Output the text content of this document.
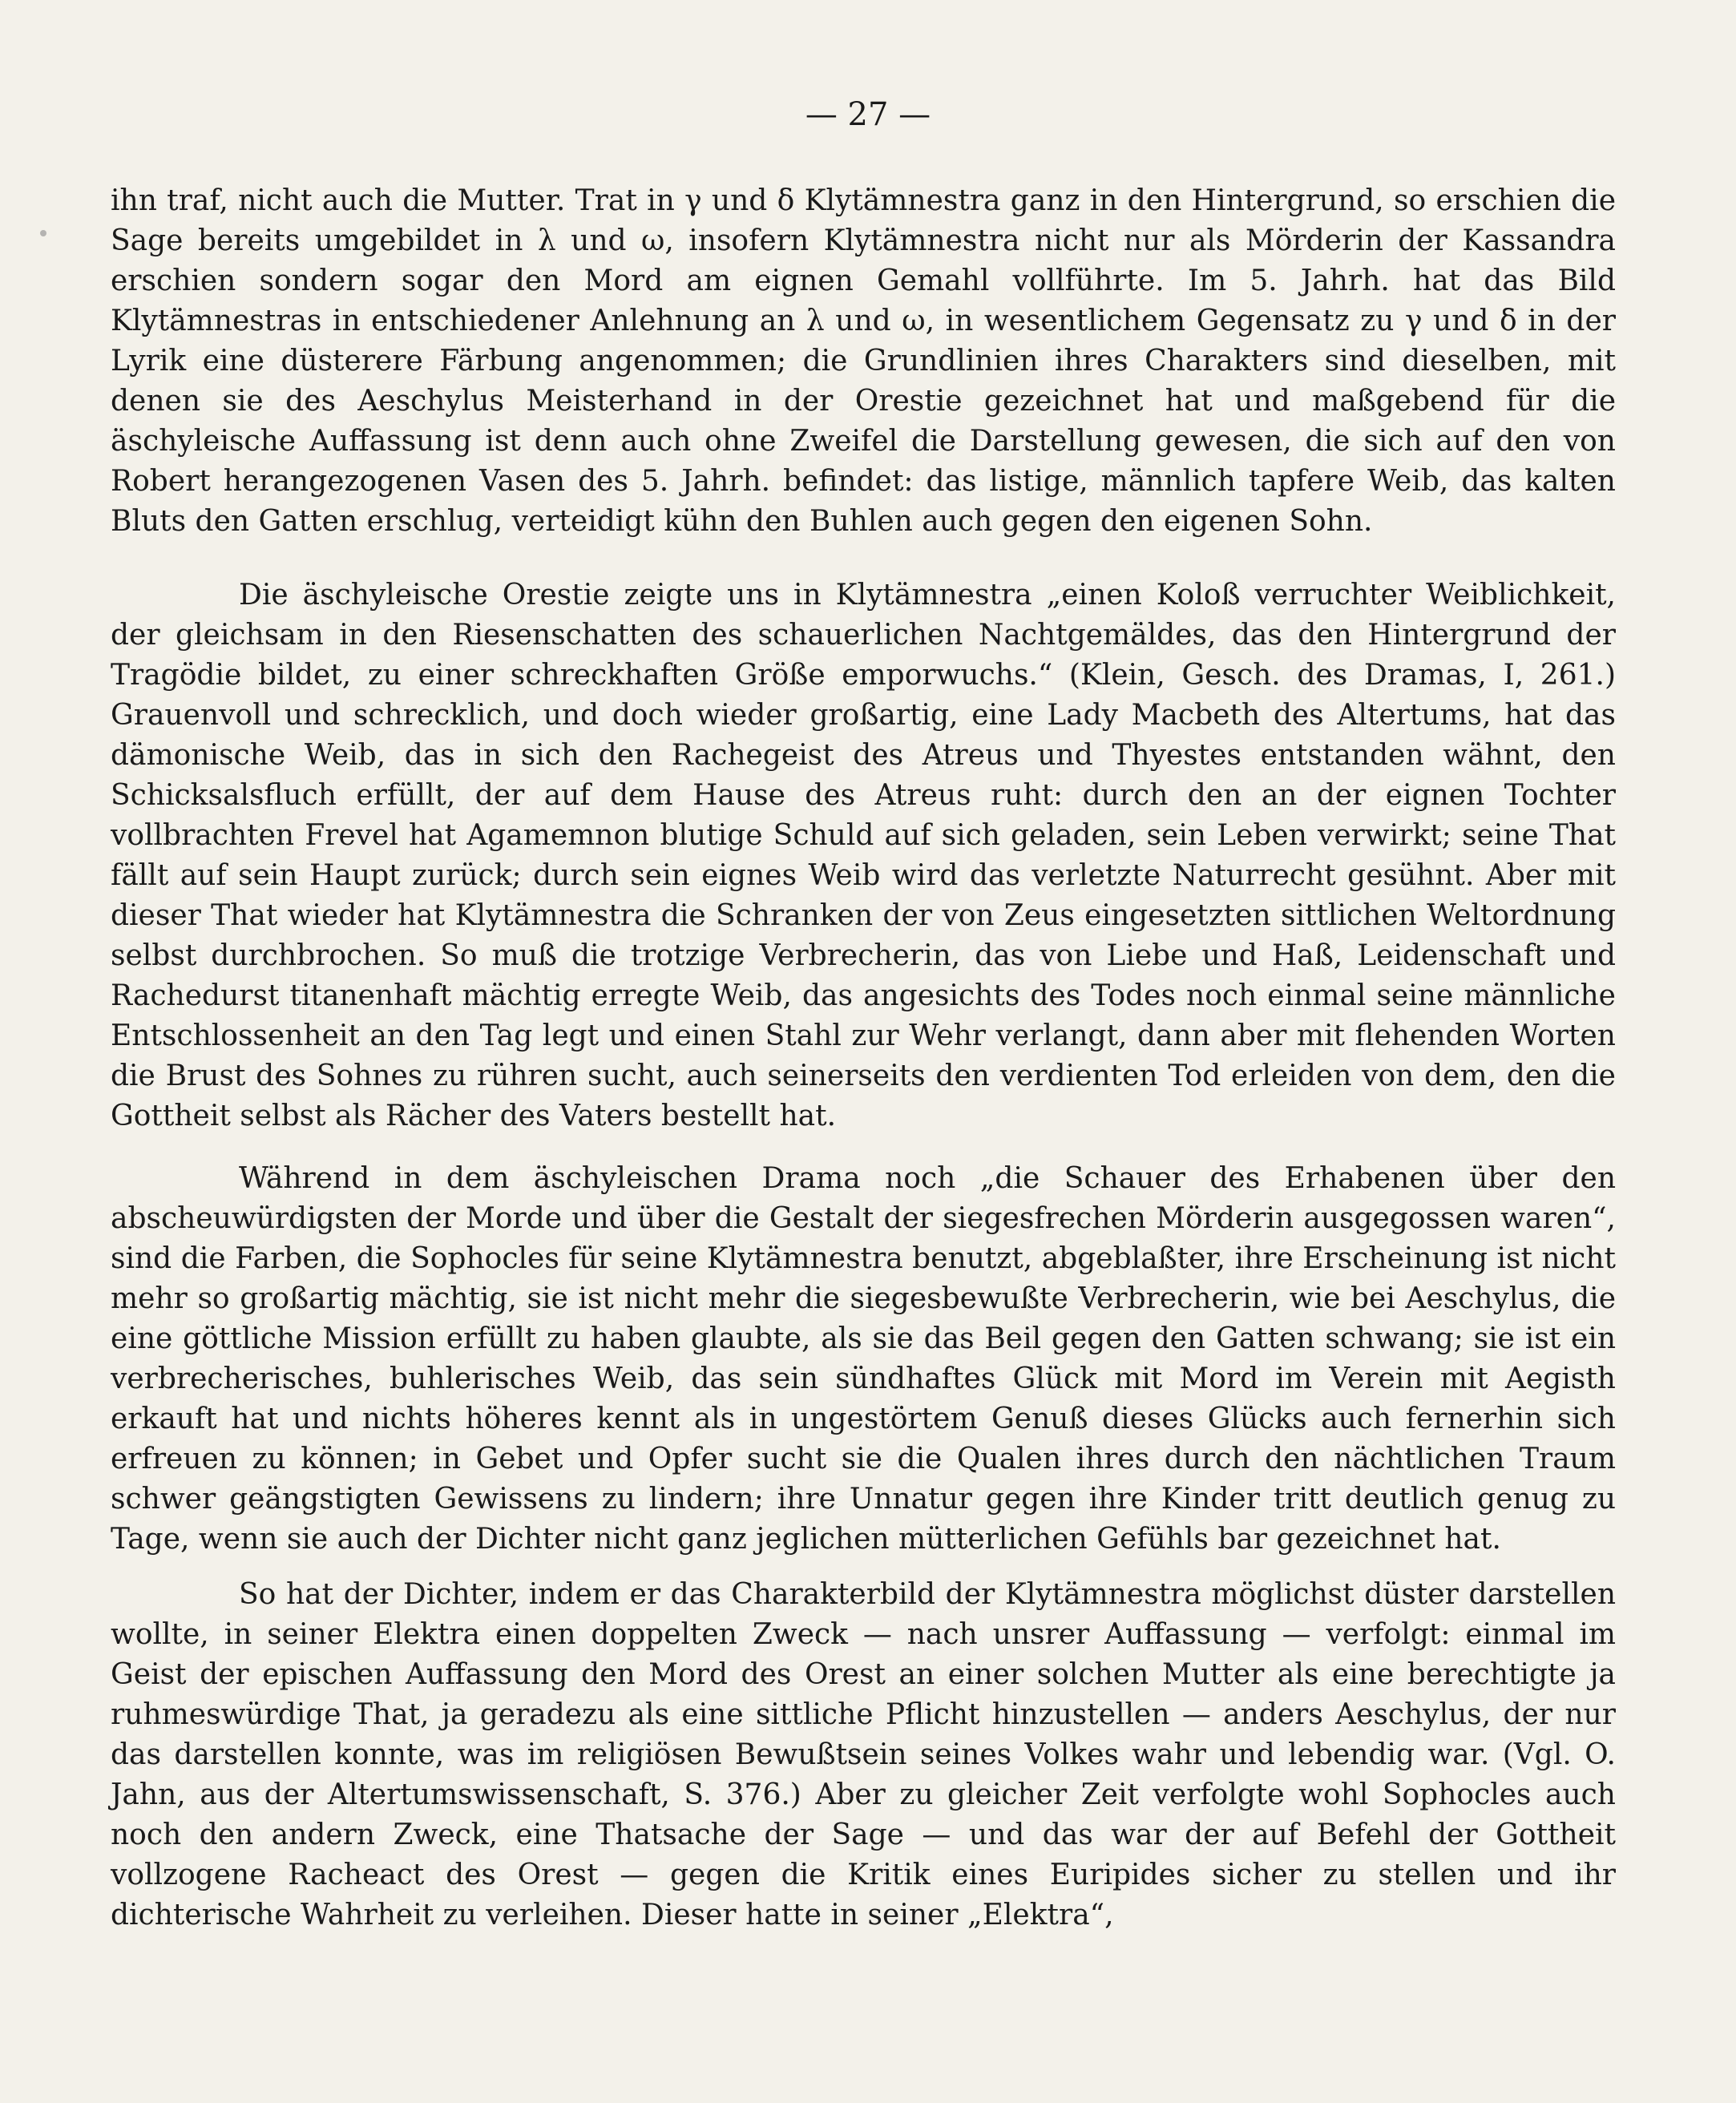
— 27 —

ihn traf, nicht auch die Mutter. Trat in γ und δ Klytämnestra ganz in den Hintergrund, so erschien die Sage bereits umgebildet in λ und ω, insofern Klytämnestra nicht nur als Mörderin der Kassandra erschien sondern sogar den Mord am eignen Gemahl vollführte. Im 5. Jahrh. hat das Bild Klytämnestras in entschiedener Anlehnung an λ und ω, in wesentlichem Gegensatz zu γ und δ in der Lyrik eine düsterere Färbung angenommen; die Grundlinien ihres Charakters sind dieselben, mit denen sie des Aeschylus Meisterhand in der Orestie gezeichnet hat und maßgebend für die äschyleische Auffassung ist denn auch ohne Zweifel die Darstellung gewesen, die sich auf den von Robert herangezogenen Vasen des 5. Jahrh. befindet: das listige, männlich tapfere Weib, das kalten Bluts den Gatten erschlug, verteidigt kühn den Buhlen auch gegen den eigenen Sohn.

Die äschyleische Orestie zeigte uns in Klytämnestra „einen Koloß verruchter Weiblichkeit, der gleichsam in den Riesenschatten des schauerlichen Nachtgemäldes, das den Hintergrund der Tragödie bildet, zu einer schreckhaften Größe emporwuchs.“ (Klein, Gesch. des Dramas, I, 261.) Grauenvoll und schrecklich, und doch wieder großartig, eine Lady Macbeth des Altertums, hat das dämonische Weib, das in sich den Rachegeist des Atreus und Thyestes entstanden wähnt, den Schicksalsfluch erfüllt, der auf dem Hause des Atreus ruht: durch den an der eignen Tochter vollbrachten Frevel hat Agamemnon blutige Schuld auf sich geladen, sein Leben verwirkt; seine That fällt auf sein Haupt zurück; durch sein eignes Weib wird das verletzte Naturrecht gesühnt. Aber mit dieser That wieder hat Klytämnestra die Schranken der von Zeus eingesetzten sittlichen Weltordnung selbst durchbrochen. So muß die trotzige Verbrecherin, das von Liebe und Haß, Leidenschaft und Rachedurst titanenhaft mächtig erregte Weib, das angesichts des Todes noch einmal seine männliche Entschlossenheit an den Tag legt und einen Stahl zur Wehr verlangt, dann aber mit flehenden Worten die Brust des Sohnes zu rühren sucht, auch seinerseits den verdienten Tod erleiden von dem, den die Gottheit selbst als Rächer des Vaters bestellt hat.

Während in dem äschyleischen Drama noch „die Schauer des Erhabenen über den abscheuwürdigsten der Morde und über die Gestalt der siegesfrechen Mörderin ausgegossen waren“, sind die Farben, die Sophocles für seine Klytämnestra benutzt, abgeblaßter, ihre Erscheinung ist nicht mehr so großartig mächtig, sie ist nicht mehr die siegesbewußte Verbrecherin, wie bei Aeschylus, die eine göttliche Mission erfüllt zu haben glaubte, als sie das Beil gegen den Gatten schwang; sie ist ein verbrecherisches, buhlerisches Weib, das sein sündhaftes Glück mit Mord im Verein mit Aegisth erkauft hat und nichts höheres kennt als in ungestörtem Genuß dieses Glücks auch fernerhin sich erfreuen zu können; in Gebet und Opfer sucht sie die Qualen ihres durch den nächtlichen Traum schwer geängstigten Gewissens zu lindern; ihre Unnatur gegen ihre Kinder tritt deutlich genug zu Tage, wenn sie auch der Dichter nicht ganz jeglichen mütterlichen Gefühls bar gezeichnet hat.

So hat der Dichter, indem er das Charakterbild der Klytämnestra möglichst düster darstellen wollte, in seiner Elektra einen doppelten Zweck — nach unsrer Auffassung — verfolgt: einmal im Geist der epischen Auffassung den Mord des Orest an einer solchen Mutter als eine berechtigte ja ruhmeswürdige That, ja geradezu als eine sittliche Pflicht hinzustellen — anders Aeschylus, der nur das darstellen konnte, was im religiösen Bewußtsein seines Volkes wahr und lebendig war. (Vgl. O. Jahn, aus der Altertumswissenschaft, S. 376.) Aber zu gleicher Zeit verfolgte wohl Sophocles auch noch den andern Zweck, eine Thatsache der Sage — und das war der auf Befehl der Gottheit vollzogene Racheact des Orest — gegen die Kritik eines Euripides sicher zu stellen und ihr dichterische Wahrheit zu verleihen. Dieser hatte in seiner „Elektra“,
